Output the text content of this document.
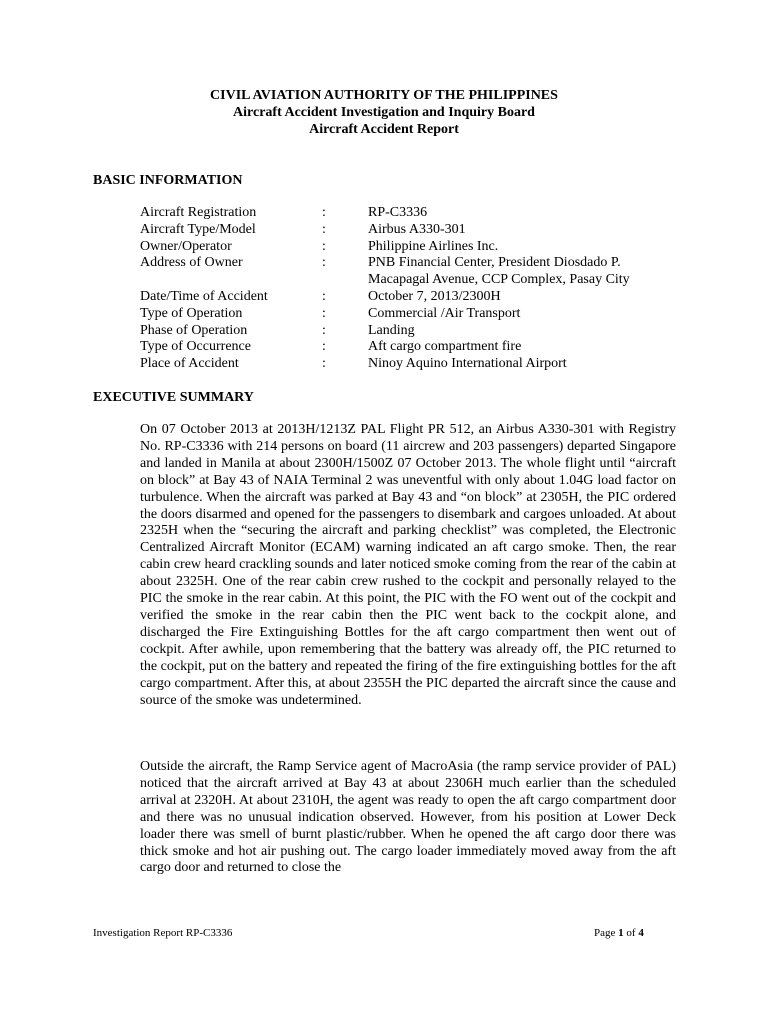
CIVIL AVIATION AUTHORITY OF THE PHILIPPINES
Aircraft Accident Investigation and Inquiry Board
Aircraft Accident Report
BASIC INFORMATION
Aircraft Registration	:	RP-C3336
Aircraft Type/Model	:	Airbus A330-301
Owner/Operator	:	Philippine Airlines Inc.
Address of Owner	:	PNB Financial Center, President Diosdado P. Macapagal Avenue, CCP Complex, Pasay City
Date/Time of Accident	:	October 7, 2013/2300H
Type of Operation	:	Commercial /Air Transport
Phase of Operation	:	Landing
Type of Occurrence	:	Aft cargo compartment fire
Place of Accident	:	Ninoy Aquino International Airport
EXECUTIVE SUMMARY

On 07 October 2013 at 2013H/1213Z PAL Flight PR 512, an Airbus A330-301 with Registry No. RP-C3336 with 214 persons on board (11 aircrew and 203 passengers) departed Singapore and landed in Manila at about 2300H/1500Z 07 October 2013. The whole flight until “aircraft on block” at Bay 43 of NAIA Terminal 2 was uneventful with only about 1.04G load factor on turbulence. When the aircraft was parked at Bay 43 and “on block” at 2305H, the PIC ordered the doors disarmed and opened for the passengers to disembark and cargoes unloaded. At about 2325H when the “securing the aircraft and parking checklist” was completed, the Electronic Centralized Aircraft Monitor (ECAM) warning indicated an aft cargo smoke. Then, the rear cabin crew heard crackling sounds and later noticed smoke coming from the rear of the cabin at about 2325H. One of the rear cabin crew rushed to the cockpit and personally relayed to the PIC the smoke in the rear cabin. At this point, the PIC with the FO went out of the cockpit and verified the smoke in the rear cabin then the PIC went back to the cockpit alone, and discharged the Fire Extinguishing Bottles for the aft cargo compartment then went out of cockpit. After awhile, upon remembering that the battery was already off, the PIC returned to the cockpit, put on the battery and repeated the firing of the fire extinguishing bottles for the aft cargo compartment. After this, at about 2355H the PIC departed the aircraft since the cause and source of the smoke was undetermined.

Outside the aircraft, the Ramp Service agent of MacroAsia (the ramp service provider of PAL) noticed that the aircraft arrived at Bay 43 at about 2306H much earlier than the scheduled arrival at 2320H. At about 2310H, the agent was ready to open the aft cargo compartment door and there was no unusual indication observed. However, from his position at Lower Deck loader there was smell of burnt plastic/rubber. When he opened the aft cargo door there was thick smoke and hot air pushing out. The cargo loader immediately moved away from the aft cargo door and returned to close the

Investigation Report RP-C3336	Page 1 of 4
